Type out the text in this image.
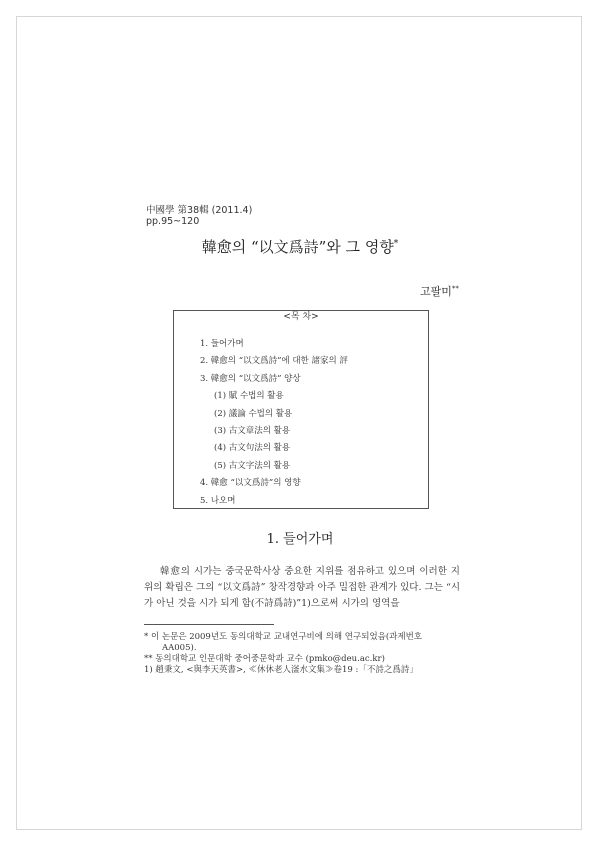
中國學 第38輯 (2011.4)
pp.95~120
韓愈의 “以文爲詩”와 그 영향*
고팔미**
<목 차>
1. 들어가며
2. 韓愈의 “以文爲詩”에 대한 諸家의 評
3. 韓愈의 “以文爲詩” 양상
(1) 賦 수법의 활용
(2) 議論 수법의 활용
(3) 古文章法의 활용
(4) 古文句法의 활용
(5) 古文字法의 활용
4. 韓愈 “以文爲詩”의 영향
5. 나오며
1. 들어가며

韓愈의 시가는 중국문학사상 중요한 지위를 점유하고 있으며 이러한 지위의 확립은 그의 “以文爲詩” 창작경향과 아주 밀접한 관계가 있다. 그는 “시가 아닌 것을 시가 되게 함(不詩爲詩)”1)으로써 시가의 영역을

* 이 논문은 2009년도 동의대학교 교내연구비에 의해 연구되었음(과제번호
AA005).
** 동의대학교 인문대학 중어중문학과 교수 (pmko@deu.ac.kr)
1) 趙秉文, <與李天英書>, ≪休休老人滏水文集≫卷19 :「不詩之爲詩」
